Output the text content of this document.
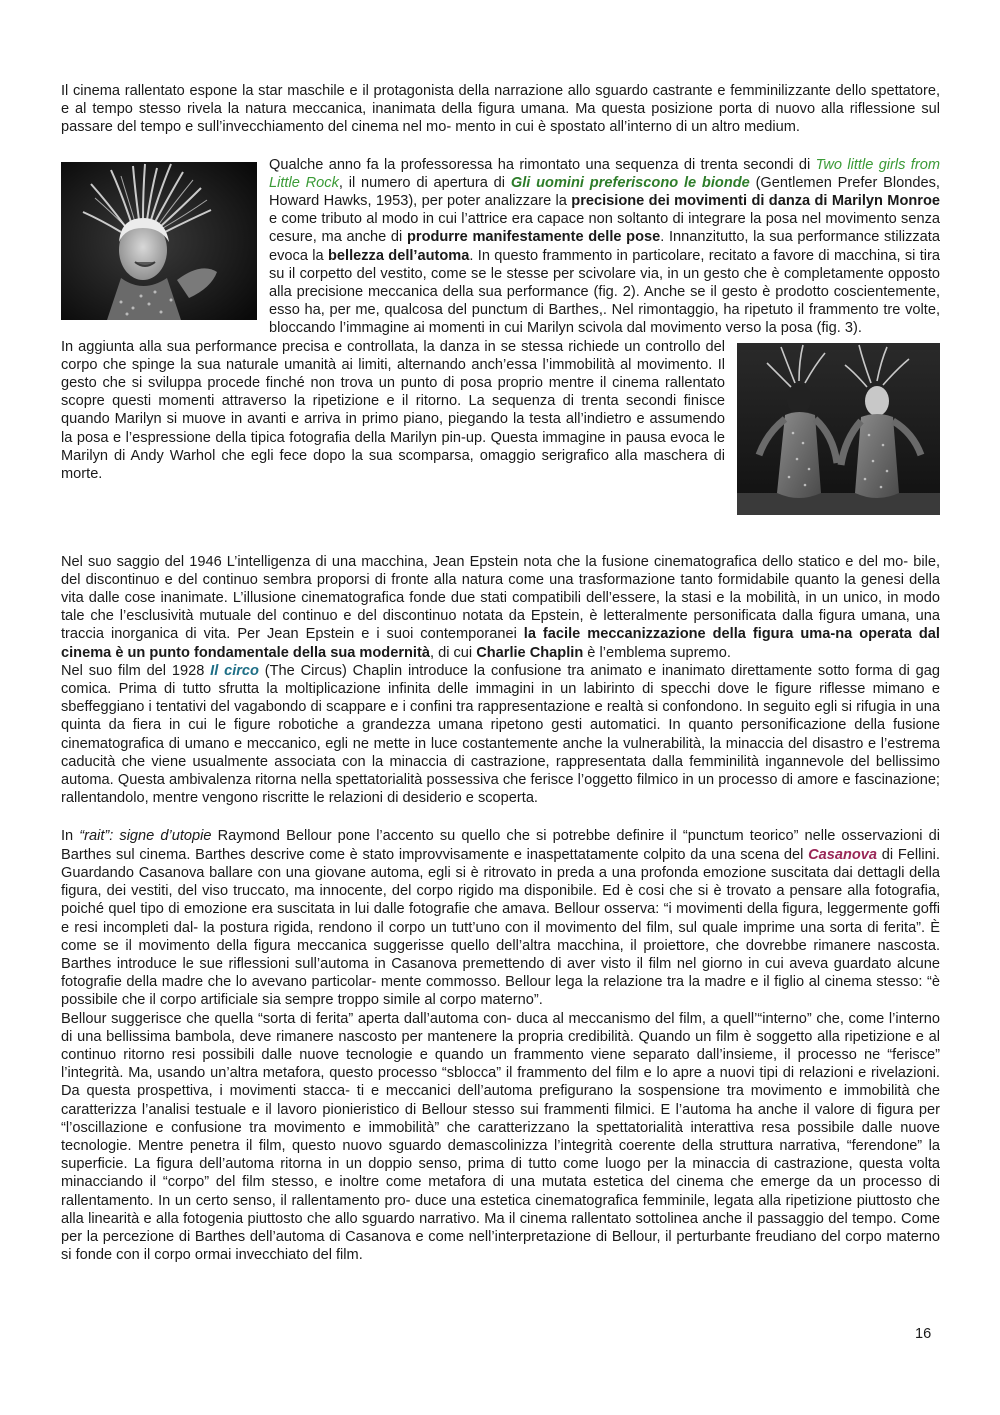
Il cinema rallentato espone la star maschile e il protagonista della narrazione allo sguardo castrante e femminilizzante dello spettatore, e al tempo stesso rivela la natura meccanica, inanimata della figura umana. Ma questa posizione porta di nuovo alla riflessione sul passare del tempo e sull’invecchiamento del cinema nel mo- mento in cui è spostato all’interno di un altro medium.

Qualche anno fa la professoressa ha rimontato una sequenza di trenta secondi di Two little girls from Little Rock, il numero di apertura di Gli uomini preferiscono le bionde (Gentlemen Prefer Blondes, Howard Hawks, 1953), per poter analizzare la precisione dei movimenti di danza di Marilyn Monroe e come tributo al modo in cui l’attrice era capace non soltanto di integrare la posa nel movimento senza cesure, ma anche di produrre manifestamente delle pose. Innanzitutto, la sua performance stilizzata evoca la bellezza dell’automa. In questo frammento in particolare, recitato a favore di macchina, si tira su il corpetto del vestito, come se le stesse per scivolare via, in un gesto che è completamente opposto alla precisione meccanica della sua performance (fig. 2). Anche se il gesto è prodotto coscientemente, esso ha, per me, qualcosa del punctum di Barthes,. Nel rimontaggio, ha ripetuto il frammento tre volte, bloccando l’immagine ai momenti in cui Marilyn scivola dal movimento verso la posa (fig. 3).

In aggiunta alla sua performance precisa e controllata, la danza in se stessa richiede un controllo del corpo che spinge la sua naturale umanità ai limiti, alternando anch’essa l’immobilità al movimento. Il gesto che si sviluppa procede finché non trova un punto di posa proprio mentre il cinema rallentato scopre questi momenti attraverso la ripetizione e il ritorno. La sequenza di trenta secondi finisce quando Marilyn si muove in avanti e arriva in primo piano, piegando la testa all’indietro e assumendo la posa e l’espressione della tipica fotografia della Marilyn pin-up. Questa immagine in pausa evoca le Marilyn di Andy Warhol che egli fece dopo la sua scomparsa, omaggio serigrafico alla maschera di morte.

Nel suo saggio del 1946 L’intelligenza di una macchina, Jean Epstein nota che la fusione cinematografica dello statico e del mo- bile, del discontinuo e del continuo sembra proporsi di fronte alla natura come una trasformazione tanto formidabile quanto la genesi della vita dalle cose inanimate. L’illusione cinematografica fonde due stati compatibili dell’essere, la stasi e la mobilità, in un unico, in modo tale che l’esclusività mutuale del continuo e del discontinuo notata da Epstein, è letteralmente personificata dalla figura umana, una traccia inorganica di vita. Per Jean Epstein e i suoi contemporanei la facile meccanizzazione della figura uma-na operata dal cinema è un punto fondamentale della sua modernità, di cui Charlie Chaplin è l’emblema supremo.

Nel suo film del 1928 Il circo (The Circus) Chaplin introduce la confusione tra animato e inanimato direttamente sotto forma di gag comica. Prima di tutto sfrutta la moltiplicazione infinita delle immagini in un labirinto di specchi dove le figure riflesse mimano e sbeffeggiano i tentativi del vagabondo di scappare e i confini tra rappresentazione e realtà si confondono. In seguito egli si rifugia in una quinta da fiera in cui le figure robotiche a grandezza umana ripetono gesti automatici. In quanto personificazione della fusione cinematografica di umano e meccanico, egli ne mette in luce costantemente anche la vulnerabilità, la minaccia del disastro e l’estrema caducità che viene usualmente associata con la minaccia di castrazione, rappresentata dalla femminilità ingannevole del bellissimo automa. Questa ambivalenza ritorna nella spettatorialità possessiva che ferisce l’oggetto filmico in un processo di amore e fascinazione; rallentandolo, mentre vengono riscritte le relazioni di desiderio e scoperta.

In “rait”: signe d’utopie Raymond Bellour pone l’accento su quello che si potrebbe definire il “punctum teorico” nelle osservazioni di Barthes sul cinema. Barthes descrive come è stato improvvisamente e inaspettatamente colpito da una scena del Casanova di Fellini. Guardando Casanova ballare con una giovane automa, egli si è ritrovato in preda a una profonda emozione suscitata dai dettagli della figura, dei vestiti, del viso truccato, ma innocente, del corpo rigido ma disponibile. Ed è cosi che si è trovato a pensare alla fotografia, poiché quel tipo di emozione era suscitata in lui dalle fotografie che amava. Bellour osserva: “i movimenti della figura, leggermente goffi e resi incompleti dal- la postura rigida, rendono il corpo un tutt’uno con il movimento del film, sul quale imprime una sorta di ferita”. È come se il movimento della figura meccanica suggerisse quello dell’altra macchina, il proiettore, che dovrebbe rimanere nascosta. Barthes introduce le sue riflessioni sull’automa in Casanova premettendo di aver visto il film nel giorno in cui aveva guardato alcune fotografie della madre che lo avevano particolar- mente commosso. Bellour lega la relazione tra la madre e il figlio al cinema stesso: “è possibile che il corpo artificiale sia sempre troppo simile al corpo materno”.

Bellour suggerisce che quella “sorta di ferita” aperta dall’automa con- duca al meccanismo del film, a quell’“interno” che, come l’interno di una bellissima bambola, deve rimanere nascosto per mantenere la propria credibilità. Quando un film è soggetto alla ripetizione e al continuo ritorno resi possibili dalle nuove tecnologie e quando un frammento viene separato dall’insieme, il processo ne “ferisce” l’integrità. Ma, usando un’altra metafora, questo processo “sblocca” il frammento del film e lo apre a nuovi tipi di relazioni e rivelazioni. Da questa prospettiva, i movimenti stacca- ti e meccanici dell’automa prefigurano la sospensione tra movimento e immobilità che caratterizza l’analisi testuale e il lavoro pionieristico di Bellour stesso sui frammenti filmici. E l’automa ha anche il valore di figura per “l’oscillazione e confusione tra movimento e immobilità” che caratterizzano la spettatorialità interattiva resa possibile dalle nuove tecnologie. Mentre penetra il film, questo nuovo sguardo demascolinizza l’integrità coerente della struttura narrativa, “ferendone” la superficie. La figura dell’automa ritorna in un doppio senso, prima di tutto come luogo per la minaccia di castrazione, questa volta minacciando il “corpo” del film stesso, e inoltre come metafora di una mutata estetica del cinema che emerge da un processo di rallentamento. In un certo senso, il rallentamento pro- duce una estetica cinematografica femminile, legata alla ripetizione piuttosto che alla linearità e alla fotogenia piuttosto che allo sguardo narrativo. Ma il cinema rallentato sottolinea anche il passaggio del tempo. Come per la percezione di Barthes dell’automa di Casanova e come nell’interpretazione di Bellour, il perturbante freudiano del corpo materno si fonde con il corpo ormai invecchiato del film.

16
